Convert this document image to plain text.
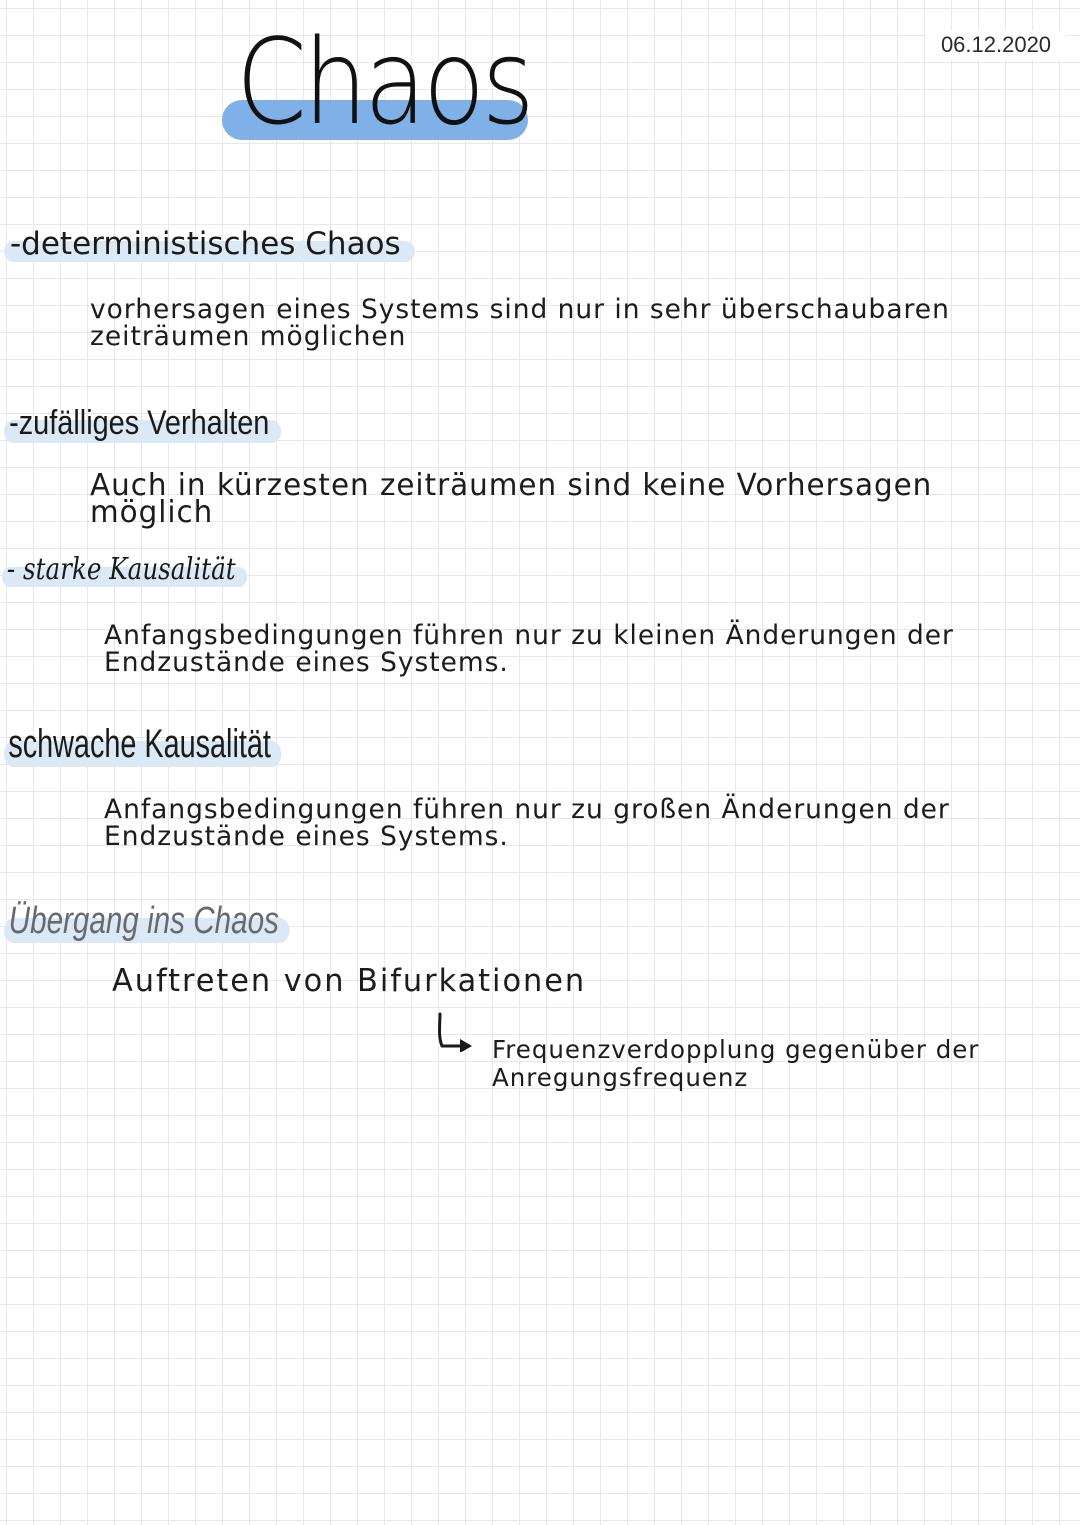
06.12.2020
Chaos
-deterministisches Chaos
vorhersagen eines Systems sind nur in sehr überschaubaren zeiträumen möglichen
-zufälliges Verhalten
Auch in kürzesten zeiträumen sind keine Vorhersagen möglich
- starke Kausalität
Anfangsbedingungen führen nur zu kleinen Änderungen der Endzustände eines Systems.
schwache Kausalität
Anfangsbedingungen führen nur zu großen Änderungen der Endzustände eines Systems.
Übergang ins Chaos
Auftreten von Bifurkationen
Frequenzverdopplung gegenüber der Anregungsfrequenz
